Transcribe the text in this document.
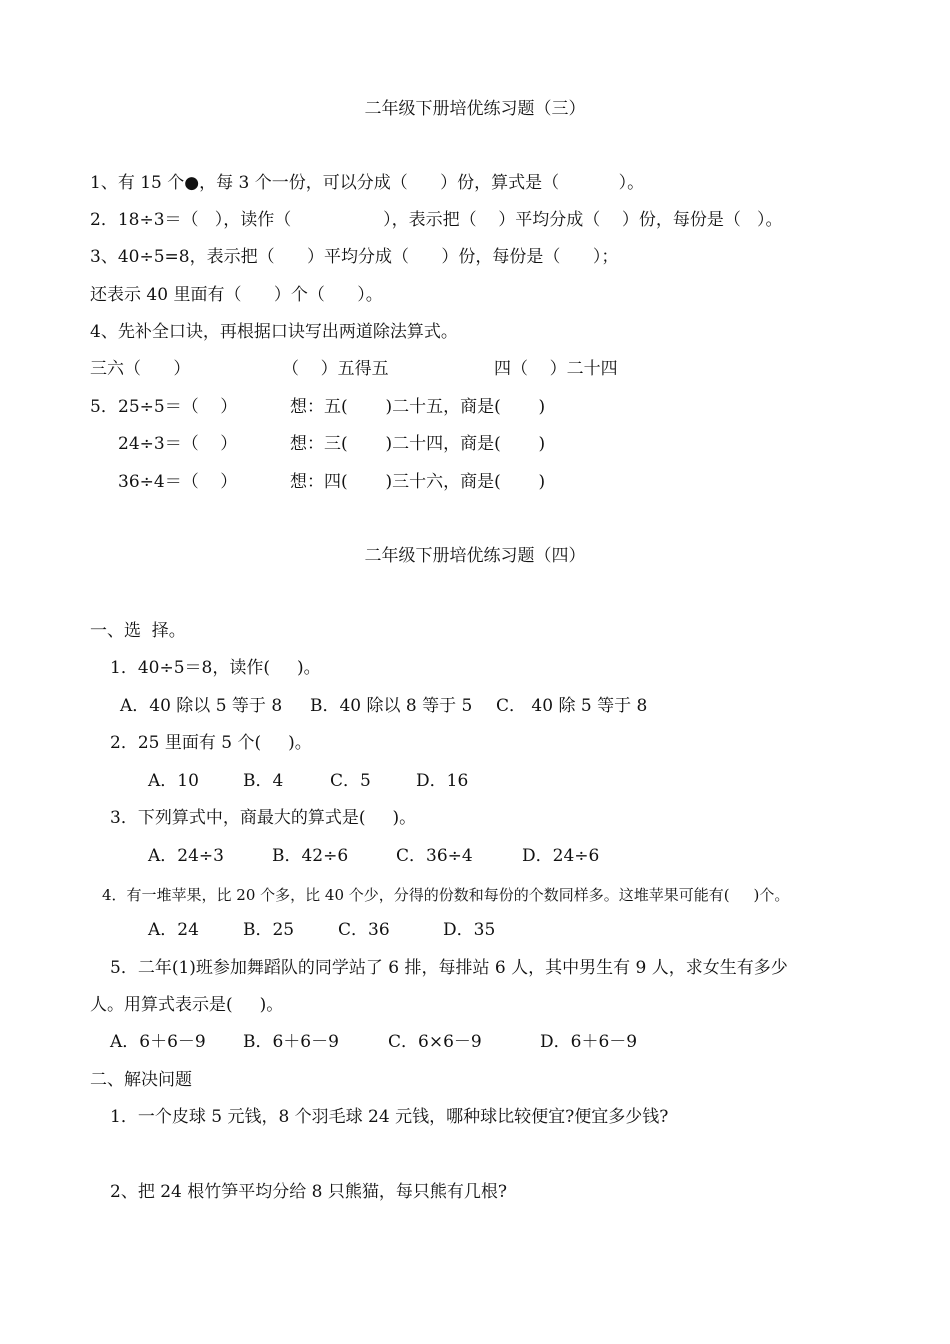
二年级下册培优练习题（三）
1、有 15 个●，每 3 个一份，可以分成（      ）份，算式是（           ）。
2．18÷3＝（   ），读作（                 ），表示把（    ）平均分成（    ）份，每份是（   ）。
3、40÷5=8，表示把（      ）平均分成（      ）份，每份是（      ）；
还表示 40 里面有（      ）个（      ）。
4、先补全口诀，再根据口诀写出两道除法算式。
三六（      ）	（    ）五得五	四（    ）二十四
5． 25÷5＝（    ）	想：五(       )二十五，商是(       )
24÷3＝（    ）	想：三(       )二十四，商是(       )
36÷4＝（    ）	想：四(       )三十六，商是(       )
二年级下册培优练习题（四）
一、选  择。
1．40÷5＝8，读作(     )。
A．40 除以 5 等于 8 B．40 除以 8 等于 5 C． 40 除 5 等于 8
2．25 里面有 5 个(     )。
A．10	B．4	C．5	D．16
3．下列算式中，商最大的算式是(     )。
A．24÷3	B．42÷6	C．36÷4	D．24÷6
4．有一堆苹果，比 20 个多，比 40 个少，分得的份数和每份的个数同样多。这堆苹果可能有(     )个。
A．24	B．25	C．36	D．35
5．二年(1)班参加舞蹈队的同学站了 6 排，每排站 6 人，其中男生有 9 人，求女生有多少
人。用算式表示是(     )。
A．6＋6－9 B．6＋6－9	C．6×6－9	D．6＋6－9
二、解决问题
1．一个皮球 5 元钱，8 个羽毛球 24 元钱，哪种球比较便宜?便宜多少钱?
2、把 24 根竹笋平均分给 8 只熊猫，每只熊有几根?
